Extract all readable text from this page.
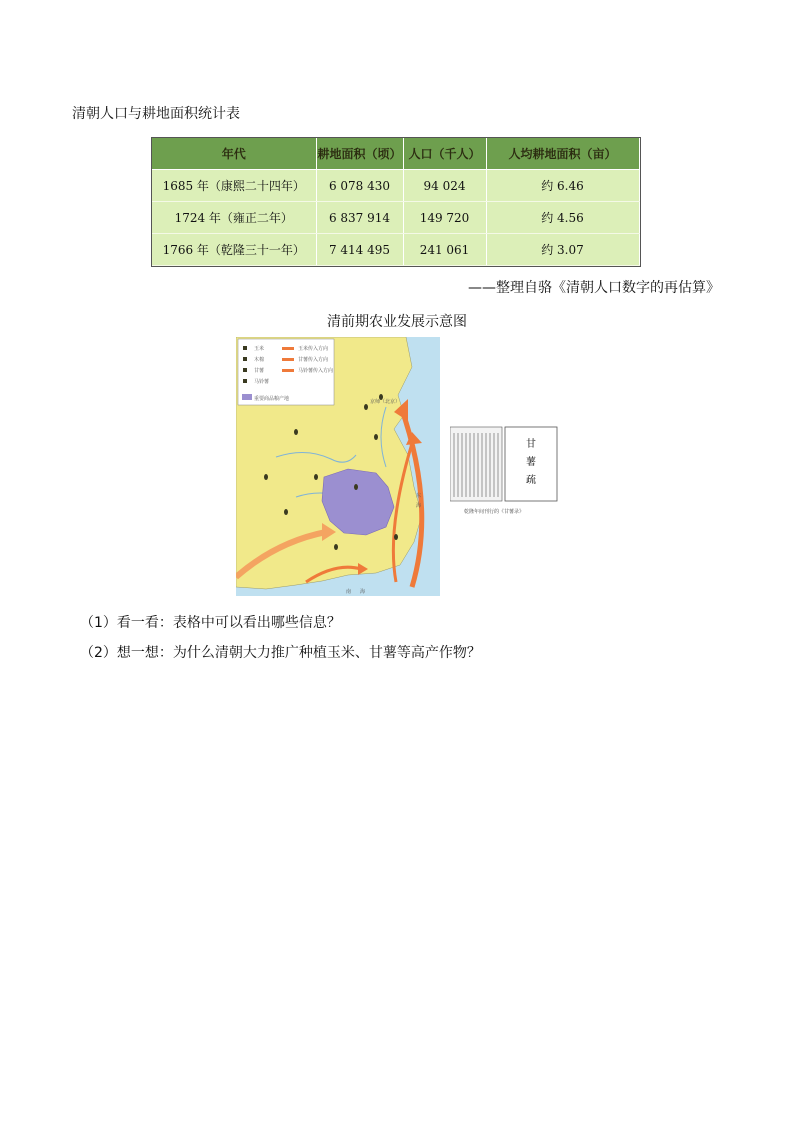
清朝人口与耕地面积统计表
年代	耕地面积（顷）	人口（千人）	人均耕地面积（亩）
1685 年（康熙二十四年）	6 078 430	94 024	约 6.46
1724 年（雍正二年）	6 837 914	149 720	约 4.56
1766 年（乾隆三十一年）	7 414 495	241 061	约 3.07
——整理自骆《清朝人口数字的再估算》
清前期农业发展示意图
玉米
木棉
甘薯
马铃薯
玉米传入方向
甘薯传入方向
马铃薯传入方向
重要商品粮产地	京师（北京）
东
海
南 海
甘
薯
疏
乾隆年间刊行的《甘薯录》
（1）看一看：表格中可以看出哪些信息？
（2）想一想：为什么清朝大力推广种植玉米、甘薯等高产作物？
